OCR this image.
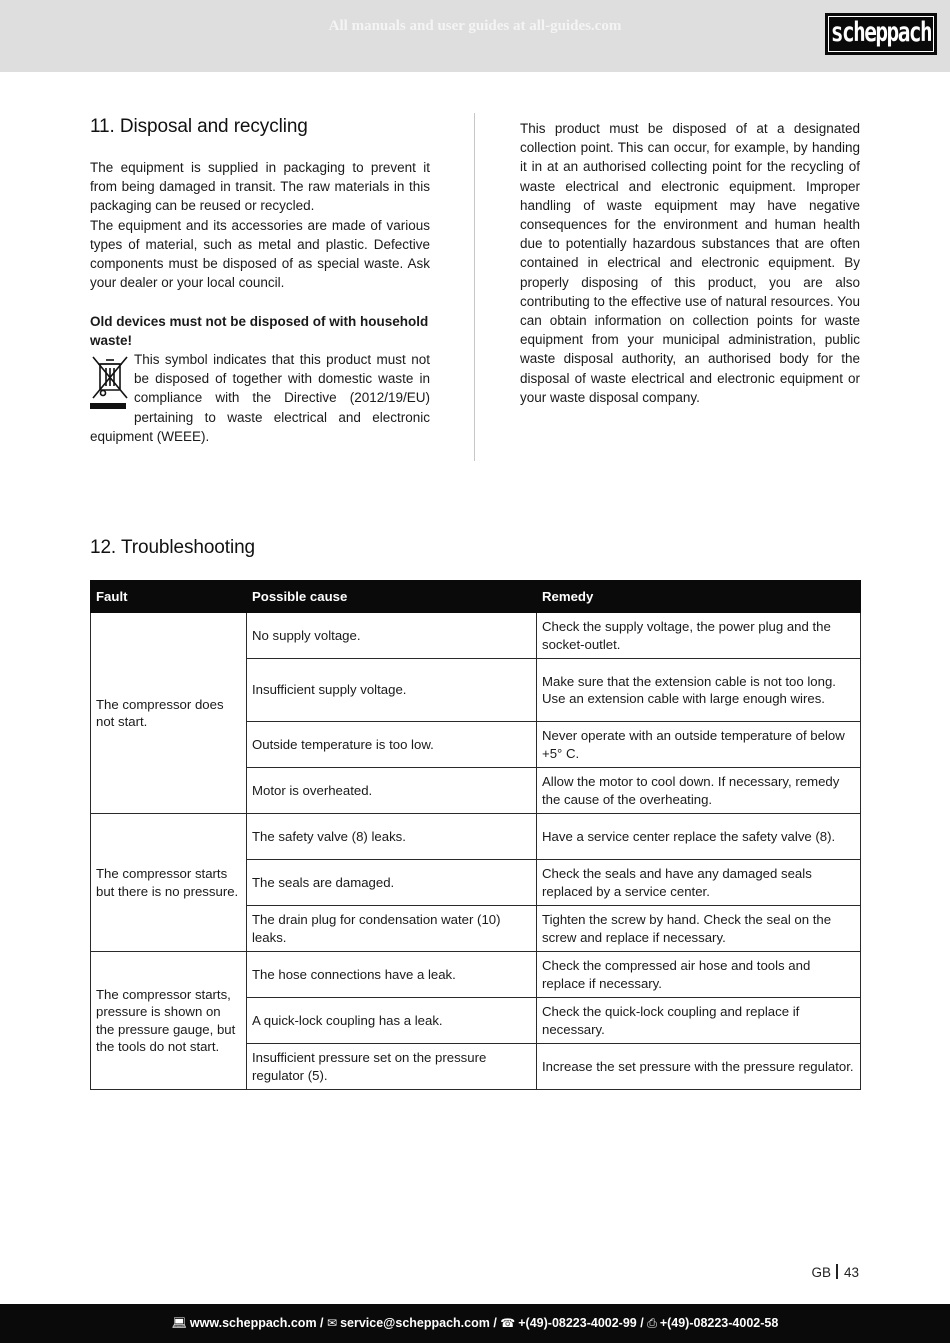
All manuals and user guides at all-guides.com	scheppach
11. Disposal and recycling

The equipment is supplied in packaging to prevent it from being damaged in transit. The raw materials in this packaging can be reused or recycled.

The equipment and its accessories are made of various types of material, such as metal and plastic. Defective components must be disposed of as special waste. Ask your dealer or your local council.

Old devices must not be disposed of with household waste!

This symbol indicates that this product must not be disposed of together with domestic waste in compliance with the Directive (2012/19/EU) pertaining to waste electrical and electronic equipment (WEEE).

This product must be disposed of at a designated collection point. This can occur, for example, by handing it in at an authorised collecting point for the recycling of waste electrical and electronic equipment. Improper handling of waste equipment may have negative consequences for the environment and human health due to potentially hazardous substances that are often contained in electrical and electronic equipment. By properly disposing of this product, you are also contributing to the effective use of natural resources. You can obtain information on collection points for waste equipment from your municipal administration, public waste disposal authority, an authorised body for the disposal of waste electrical and electronic equipment or your waste disposal company.

12. Troubleshooting
Fault	Possible cause	Remedy
The compressor does not start.	No supply voltage.	Check the supply voltage, the power plug and the socket-outlet.
	Insufficient supply voltage.	Make sure that the extension cable is not too long. Use an extension cable with large enough wires.
	Outside temperature is too low.	Never operate with an outside temperature of below +5° C.
	Motor is overheated.	Allow the motor to cool down. If necessary, remedy the cause of the overheating.
The compressor starts but there is no pressure.	The safety valve (8) leaks.	Have a service center replace the safety valve (8).
	The seals are damaged.	Check the seals and have any damaged seals replaced by a service center.
	The drain plug for condensation water (10) leaks.	Tighten the screw by hand. Check the seal on the screw and replace if necessary.
The compressor starts, pressure is shown on the pressure gauge, but the tools do not start.	The hose connections have a leak.	Check the compressed air hose and tools and replace if necessary.
	A quick-lock coupling has a leak.	Check the quick-lock coupling and replace if necessary.
	Insufficient pressure set on the pressure regulator (5).	Increase the set pressure with the pressure regulator.
GB 43
💻︎ www.scheppach.com / ✉︎ service@scheppach.com / ☎︎ +(49)-08223-4002-99 / ⎙ +(49)-08223-4002-58
